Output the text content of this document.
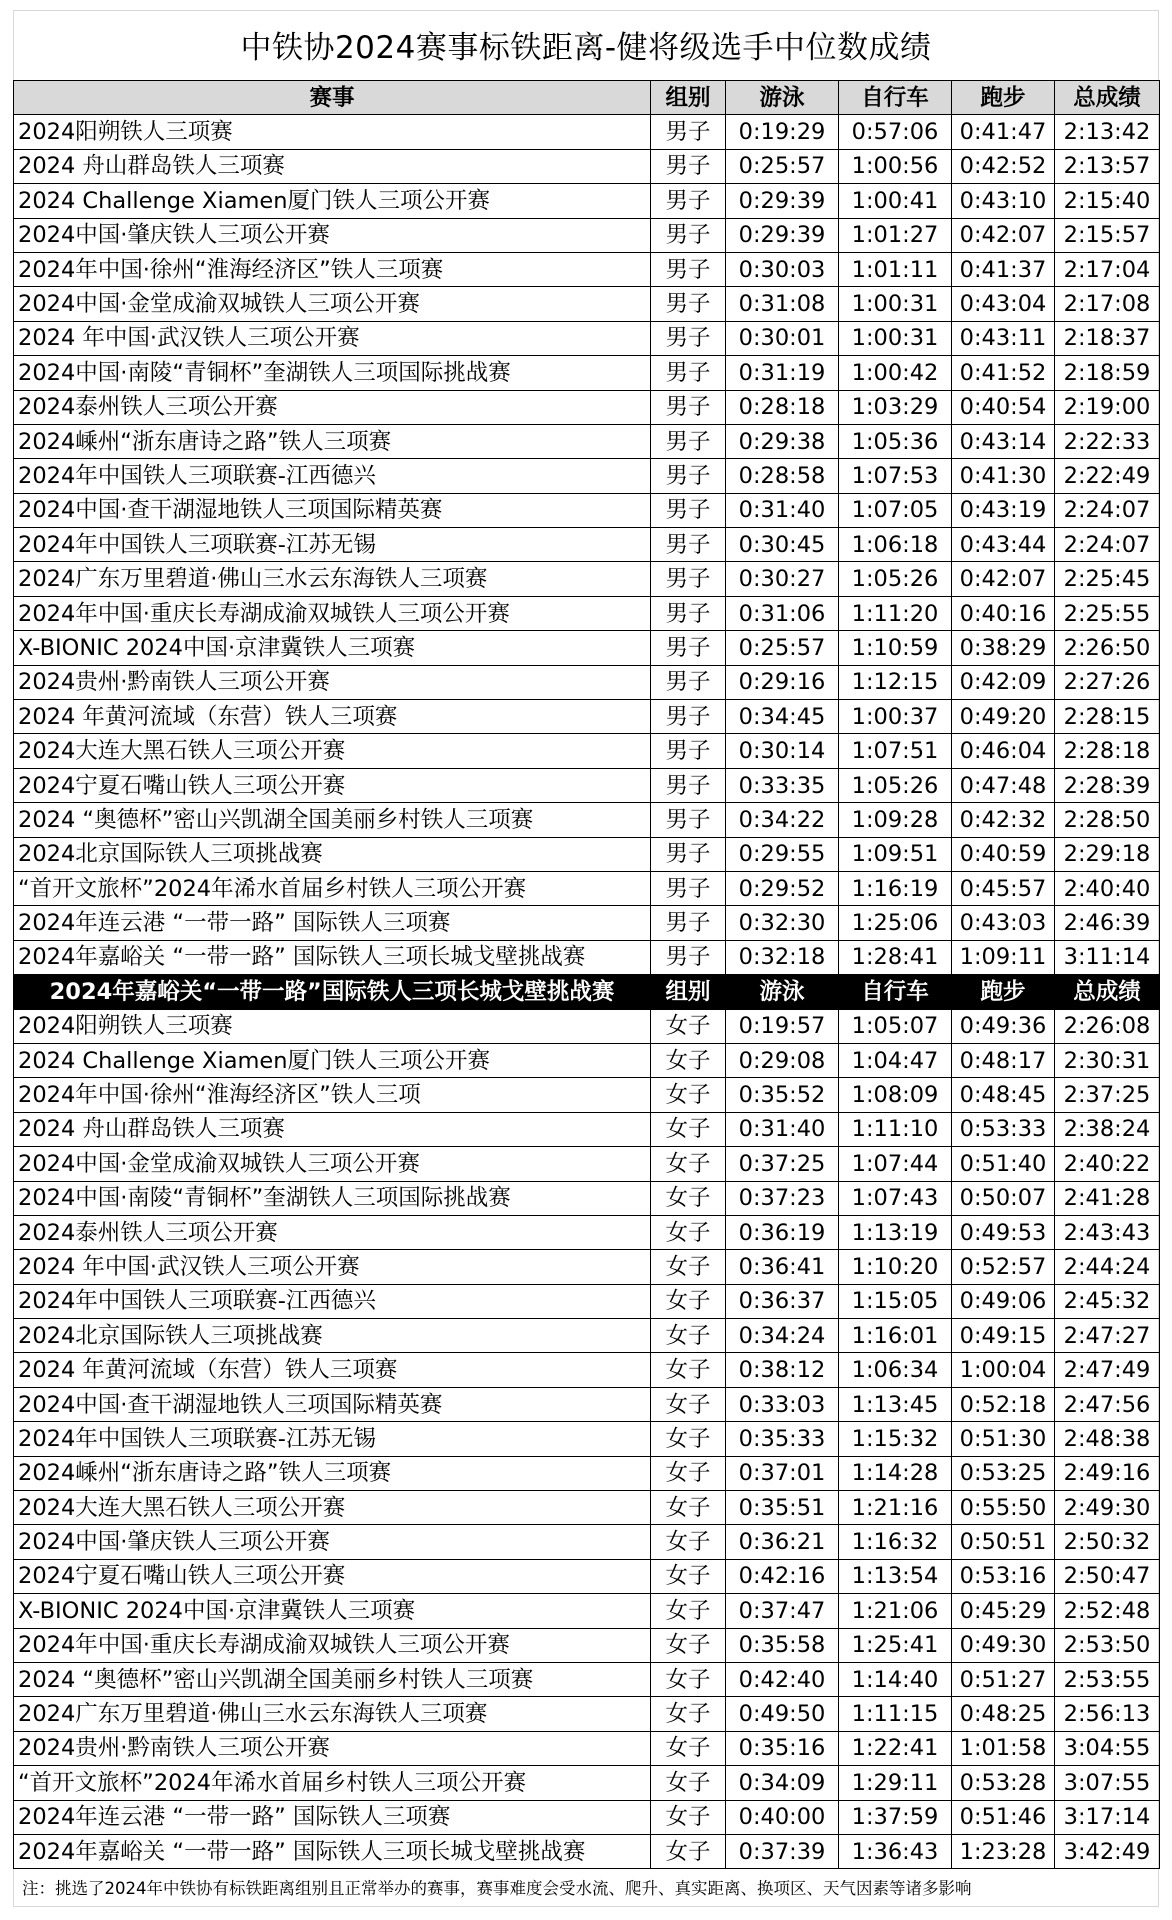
中铁协2024赛事标铁距离-健将级选手中位数成绩
赛事	组别	游泳	自行车	跑步	总成绩
2024阳朔铁人三项赛	男子	0:19:29	0:57:06	0:41:47	2:13:42
2024 舟山群岛铁人三项赛	男子	0:25:57	1:00:56	0:42:52	2:13:57
2024 Challenge Xiamen厦门铁人三项公开赛	男子	0:29:39	1:00:41	0:43:10	2:15:40
2024中国·肇庆铁人三项公开赛	男子	0:29:39	1:01:27	0:42:07	2:15:57
2024年中国·徐州“淮海经济区”铁人三项赛	男子	0:30:03	1:01:11	0:41:37	2:17:04
2024中国·金堂成渝双城铁人三项公开赛	男子	0:31:08	1:00:31	0:43:04	2:17:08
2024 年中国·武汉铁人三项公开赛	男子	0:30:01	1:00:31	0:43:11	2:18:37
2024中国·南陵“青铜杯”奎湖铁人三项国际挑战赛	男子	0:31:19	1:00:42	0:41:52	2:18:59
2024泰州铁人三项公开赛	男子	0:28:18	1:03:29	0:40:54	2:19:00
2024嵊州“浙东唐诗之路”铁人三项赛	男子	0:29:38	1:05:36	0:43:14	2:22:33
2024年中国铁人三项联赛-江西德兴	男子	0:28:58	1:07:53	0:41:30	2:22:49
2024中国·查干湖湿地铁人三项国际精英赛	男子	0:31:40	1:07:05	0:43:19	2:24:07
2024年中国铁人三项联赛-江苏无锡	男子	0:30:45	1:06:18	0:43:44	2:24:07
2024广东万里碧道·佛山三水云东海铁人三项赛	男子	0:30:27	1:05:26	0:42:07	2:25:45
2024年中国·重庆长寿湖成渝双城铁人三项公开赛	男子	0:31:06	1:11:20	0:40:16	2:25:55
X-BIONIC 2024中国·京津冀铁人三项赛	男子	0:25:57	1:10:59	0:38:29	2:26:50
2024贵州·黔南铁人三项公开赛	男子	0:29:16	1:12:15	0:42:09	2:27:26
2024 年黄河流域（东营）铁人三项赛	男子	0:34:45	1:00:37	0:49:20	2:28:15
2024大连大黑石铁人三项公开赛	男子	0:30:14	1:07:51	0:46:04	2:28:18
2024宁夏石嘴山铁人三项公开赛	男子	0:33:35	1:05:26	0:47:48	2:28:39
2024 “奥德杯”密山兴凯湖全国美丽乡村铁人三项赛	男子	0:34:22	1:09:28	0:42:32	2:28:50
2024北京国际铁人三项挑战赛	男子	0:29:55	1:09:51	0:40:59	2:29:18
“首开文旅杯”2024年浠水首届乡村铁人三项公开赛	男子	0:29:52	1:16:19	0:45:57	2:40:40
2024年连云港 “一带一路” 国际铁人三项赛	男子	0:32:30	1:25:06	0:43:03	2:46:39
2024年嘉峪关 “一带一路” 国际铁人三项长城戈壁挑战赛	男子	0:32:18	1:28:41	1:09:11	3:11:14
2024年嘉峪关“一带一路”国际铁人三项长城戈壁挑战赛	组别	游泳	自行车	跑步	总成绩
2024阳朔铁人三项赛	女子	0:19:57	1:05:07	0:49:36	2:26:08
2024 Challenge Xiamen厦门铁人三项公开赛	女子	0:29:08	1:04:47	0:48:17	2:30:31
2024年中国·徐州“淮海经济区”铁人三项	女子	0:35:52	1:08:09	0:48:45	2:37:25
2024 舟山群岛铁人三项赛	女子	0:31:40	1:11:10	0:53:33	2:38:24
2024中国·金堂成渝双城铁人三项公开赛	女子	0:37:25	1:07:44	0:51:40	2:40:22
2024中国·南陵“青铜杯”奎湖铁人三项国际挑战赛	女子	0:37:23	1:07:43	0:50:07	2:41:28
2024泰州铁人三项公开赛	女子	0:36:19	1:13:19	0:49:53	2:43:43
2024 年中国·武汉铁人三项公开赛	女子	0:36:41	1:10:20	0:52:57	2:44:24
2024年中国铁人三项联赛-江西德兴	女子	0:36:37	1:15:05	0:49:06	2:45:32
2024北京国际铁人三项挑战赛	女子	0:34:24	1:16:01	0:49:15	2:47:27
2024 年黄河流域（东营）铁人三项赛	女子	0:38:12	1:06:34	1:00:04	2:47:49
2024中国·查干湖湿地铁人三项国际精英赛	女子	0:33:03	1:13:45	0:52:18	2:47:56
2024年中国铁人三项联赛-江苏无锡	女子	0:35:33	1:15:32	0:51:30	2:48:38
2024嵊州“浙东唐诗之路”铁人三项赛	女子	0:37:01	1:14:28	0:53:25	2:49:16
2024大连大黑石铁人三项公开赛	女子	0:35:51	1:21:16	0:55:50	2:49:30
2024中国·肇庆铁人三项公开赛	女子	0:36:21	1:16:32	0:50:51	2:50:32
2024宁夏石嘴山铁人三项公开赛	女子	0:42:16	1:13:54	0:53:16	2:50:47
X-BIONIC 2024中国·京津冀铁人三项赛	女子	0:37:47	1:21:06	0:45:29	2:52:48
2024年中国·重庆长寿湖成渝双城铁人三项公开赛	女子	0:35:58	1:25:41	0:49:30	2:53:50
2024 “奥德杯”密山兴凯湖全国美丽乡村铁人三项赛	女子	0:42:40	1:14:40	0:51:27	2:53:55
2024广东万里碧道·佛山三水云东海铁人三项赛	女子	0:49:50	1:11:15	0:48:25	2:56:13
2024贵州·黔南铁人三项公开赛	女子	0:35:16	1:22:41	1:01:58	3:04:55
“首开文旅杯”2024年浠水首届乡村铁人三项公开赛	女子	0:34:09	1:29:11	0:53:28	3:07:55
2024年连云港 “一带一路” 国际铁人三项赛	女子	0:40:00	1:37:59	0:51:46	3:17:14
2024年嘉峪关 “一带一路” 国际铁人三项长城戈壁挑战赛	女子	0:37:39	1:36:43	1:23:28	3:42:49
注：挑选了2024年中铁协有标铁距离组别且正常举办的赛事，赛事难度会受水流、爬升、真实距离、换项区、天气因素等诸多影响
